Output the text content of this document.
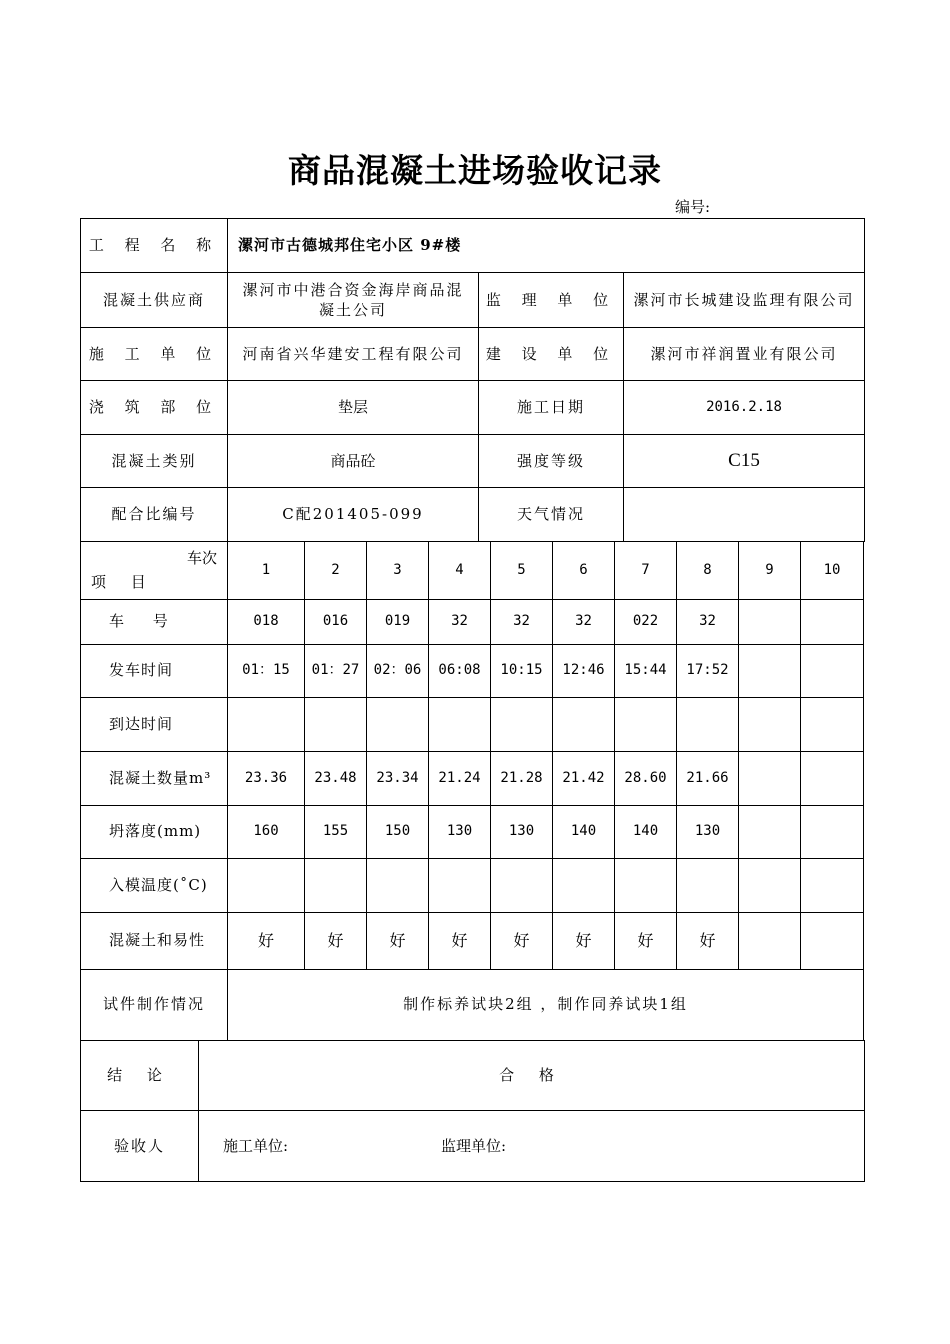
商品混凝土进场验收记录
编号:
工 程 名 称	漯河市古德城邦住宅小区 9#楼		
混凝土供应商	漯河市中港合资金海岸商品混凝土公司	监 理 单 位	漯河市长城建设监理有限公司
施 工 单 位	河南省兴华建安工程有限公司	建 设 单 位	漯河市祥润置业有限公司
浇 筑 部 位	垫层	施工日期	2016.2.18
混凝土类别	商品砼	强度等级	C15
配合比编号	C配201405-099	天气情况	
车次
项 目	1	2	3	4	5	6	7	8	9	10
车 号	018	016	019	32	32	32	022	32		
发车时间	01：15	01：27	02：06	06:08	10:15	12:46	15:44	17:52		
到达时间										
混凝土数量m³	23.36	23.48	23.34	21.24	21.28	21.42	28.60	21.66		
坍落度(mm)	160	155	150	130	130	140	140	130		
入模温度(˚C)										
混凝土和易性	好	好	好	好	好	好	好	好		
试件制作情况	制作标养试块2组 ，制作同养试块1组									
结 论	合 格
验收人	施工单位: 监理单位:
